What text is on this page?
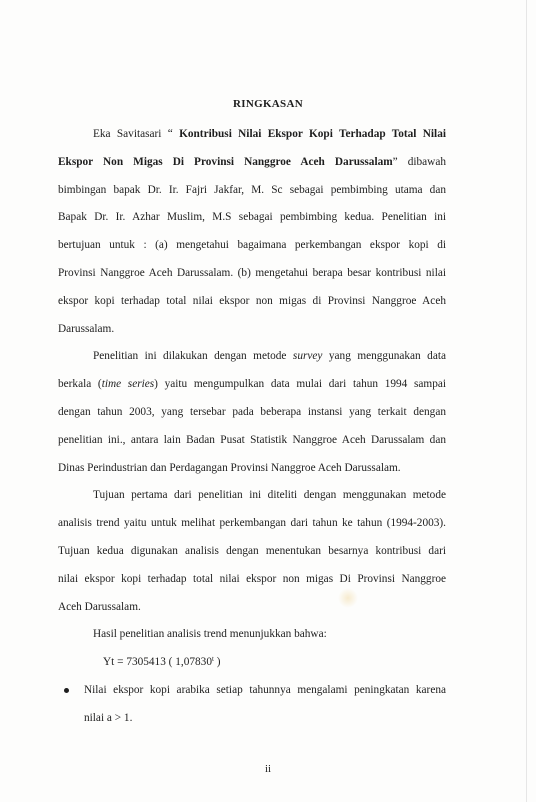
RINGKASAN
Eka Savitasari “ Kontribusi Nilai Ekspor Kopi Terhadap Total Nilai
Ekspor Non Migas Di Provinsi Nanggroe Aceh Darussalam” dibawah
bimbingan bapak Dr. Ir. Fajri Jakfar, M. Sc sebagai pembimbing utama dan
Bapak Dr. Ir. Azhar Muslim, M.S sebagai pembimbing kedua. Penelitian ini
bertujuan untuk : (a) mengetahui bagaimana perkembangan ekspor kopi di
Provinsi Nanggroe Aceh Darussalam. (b) mengetahui berapa besar kontribusi nilai
ekspor kopi terhadap total nilai ekspor non migas di Provinsi Nanggroe Aceh
Darussalam.
Penelitian ini dilakukan dengan metode survey yang menggunakan data
berkala (time series) yaitu mengumpulkan data mulai dari tahun 1994 sampai
dengan tahun 2003, yang tersebar pada beberapa instansi yang terkait dengan
penelitian ini., antara lain Badan Pusat Statistik Nanggroe Aceh Darussalam dan
Dinas Perindustrian dan Perdagangan Provinsi Nanggroe Aceh Darussalam.
Tujuan pertama dari penelitian ini diteliti dengan menggunakan metode
analisis trend yaitu untuk melihat perkembangan dari tahun ke tahun (1994-2003).
Tujuan kedua digunakan analisis dengan menentukan besarnya kontribusi dari
nilai ekspor kopi terhadap total nilai ekspor non migas Di Provinsi Nanggroe
Aceh Darussalam.
Hasil penelitian analisis trend menunjukkan bahwa:
Yt = 7305413 ( 1,07830$^t$ )
Nilai ekspor kopi arabika setiap tahunnya mengalami peningkatan karena
nilai a > 1.
ii
